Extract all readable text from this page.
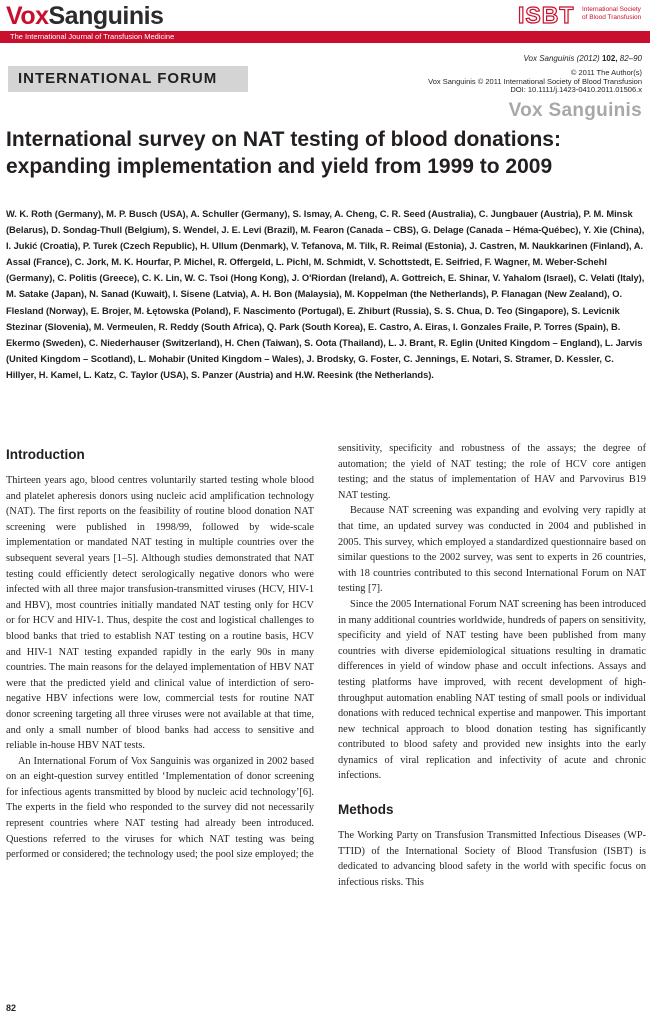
VoxSanguinis
The International Journal of Transfusion Medicine
ISBT International Society
of Blood Transfusion
Vox Sanguinis (2012) 102, 82–90
INTERNATIONAL FORUM	© 2011 The Author(s)
Vox Sanguinis © 2011 International Society of Blood Transfusion
DOI: 10.1111/j.1423-0410.2011.01506.x
Vox Sanguinis
International survey on NAT testing of blood donations:
expanding implementation and yield from 1999 to 2009
W. K. Roth (Germany), M. P. Busch (USA), A. Schuller (Germany), S. Ismay, A. Cheng, C. R. Seed (Australia), C. Jungbauer (Austria), P. M. Minsk (Belarus), D. Sondag-Thull (Belgium), S. Wendel, J. E. Levi (Brazil), M. Fearon (Canada – CBS), G. Delage (Canada – Héma-Québec), Y. Xie (China), I. Jukić (Croatia), P. Turek (Czech Republic), H. Ullum (Denmark), V. Tefanova, M. Tilk, R. Reimal (Estonia), J. Castren, M. Naukkarinen (Finland), A. Assal (France), C. Jork, M. K. Hourfar, P. Michel, R. Offergeld, L. Pichl, M. Schmidt, V. Schottstedt, E. Seifried, F. Wagner, M. Weber-Schehl (Germany), C. Politis (Greece), C. K. Lin, W. C. Tsoi (Hong Kong), J. O'Riordan (Ireland), A. Gottreich, E. Shinar, V. Yahalom (Israel), C. Velati (Italy), M. Satake (Japan), N. Sanad (Kuwait), I. Sisene (Latvia), A. H. Bon (Malaysia), M. Koppelman (the Netherlands), P. Flanagan (New Zealand), O. Flesland (Norway), E. Brojer, M. Łętowska (Poland), F. Nascimento (Portugal), E. Zhiburt (Russia), S. S. Chua, D. Teo (Singapore), S. Levicnik Stezinar (Slovenia), M. Vermeulen, R. Reddy (South Africa), Q. Park (South Korea), E. Castro, A. Eiras, I. Gonzales Fraile, P. Torres (Spain), B. Ekermo (Sweden), C. Niederhauser (Switzerland), H. Chen (Taiwan), S. Oota (Thailand), L. J. Brant, R. Eglin (United Kingdom – England), L. Jarvis (United Kingdom – Scotland), L. Mohabir (United Kingdom – Wales), J. Brodsky, G. Foster, C. Jennings, E. Notari, S. Stramer, D. Kessler, C. Hillyer, H. Kamel, L. Katz, C. Taylor (USA), S. Panzer (Austria) and H.W. Reesink (the Netherlands).
Introduction

Thirteen years ago, blood centres voluntarily started testing whole blood and platelet apheresis donors using nucleic acid amplification technology (NAT). The first reports on the feasibility of routine blood donation NAT screening were published in 1998/99, followed by wide-scale implementation or mandated NAT testing in multiple countries over the subsequent several years [1–5]. Although studies demonstrated that NAT testing could efficiently detect serologically negative donors who were infected with all three major transfusion-transmitted viruses (HCV, HIV-1 and HBV), most countries initially mandated NAT testing only for HCV or for HCV and HIV-1. Thus, despite the cost and logistical challenges to blood banks that tried to establish NAT testing on a routine basis, HCV and HIV-1 NAT testing expanded rapidly in the early 90s in many countries. The main reasons for the delayed implementation of HBV NAT were that the predicted yield and clinical value of interdiction of sero-negative HBV infections were low, commercial tests for routine NAT donor screening targeting all three viruses were not available at that time, and only a small number of blood banks had access to sensitive and reliable in-house HBV NAT tests.

An International Forum of Vox Sanguinis was organized in 2002 based on an eight-question survey entitled ‘Implementation of donor screening for infectious agents transmitted by blood by nucleic acid technology’[6]. The experts in the field who responded to the survey did not necessarily represent countries where NAT testing had already been introduced. Questions referred to the viruses for which NAT testing was being performed or considered; the technology used; the pool size employed; the

sensitivity, specificity and robustness of the assays; the degree of automation; the yield of NAT testing; the role of HCV core antigen testing; and the status of implementation of HAV and Parvovirus B19 NAT testing.

Because NAT screening was expanding and evolving very rapidly at that time, an updated survey was conducted in 2004 and published in 2005. This survey, which employed a standardized questionnaire based on similar questions to the 2002 survey, was sent to experts in 26 countries, with 18 countries contributed to this second International Forum on NAT testing [7].

Since the 2005 International Forum NAT screening has been introduced in many additional countries worldwide, hundreds of papers on sensitivity, specificity and yield of NAT testing have been published from many countries with diverse epidemiological situations resulting in dramatic differences in yield of window phase and occult infections. Assays and testing platforms have improved, with recent development of high-throughput automation enabling NAT testing of small pools or individual donations with reduced technical expertise and manpower. This important new technical approach to blood donation testing has significantly contributed to blood safety and provided new insights into the early dynamics of viral replication and infectivity of acute and chronic infections.

Methods

The Working Party on Transfusion Transmitted Infectious Diseases (WP-TTID) of the International Society of Blood Transfusion (ISBT) is dedicated to advancing blood safety in the world with specific focus on infectious risks. This

82
